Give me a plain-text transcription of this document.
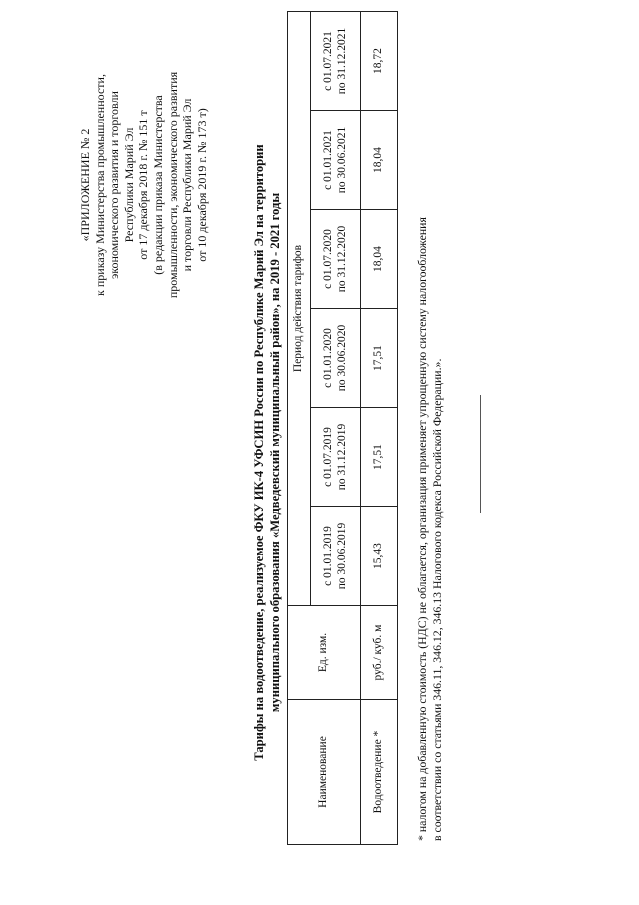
«ПРИЛОЖЕНИЕ № 2 к приказу Министерства промышленности, экономического развития и торговли Республики Марий Эл от 17 декабря 2018 г. № 151 т (в редакции приказа Министерства промышленности, экономического развития и торговли Республики Марий Эл от 10 декабря 2019 г. № 173 т)	Тарифы на водоотведение, реализуемое ФКУ ИК-4 УФСИН России по Республике Марий Эл на территории муниципального образования «Медведевский муниципальный район», на 2019 - 2021 годы
Наименование	Ед. изм.	Период действия тарифов					
		с 01.01.2019 по 30.06.2019	с 01.07.2019 по 31.12.2019	с 01.01.2020 по 30.06.2020	с 01.07.2020 по 31.12.2020	с 01.01.2021 по 30.06.2021	с 01.07.2021 по 31.12.2021
Водоотведение *	руб./ куб. м	15,43	17,51	17,51	18,04	18,04	18,72
* налогом на добавленную стоимость (НДС) не облагается, организация применяет упрощенную систему налогообложения в соответствии со статьями 346.11, 346.12, 346.13 Налогового кодекса Российской Федерации.».
